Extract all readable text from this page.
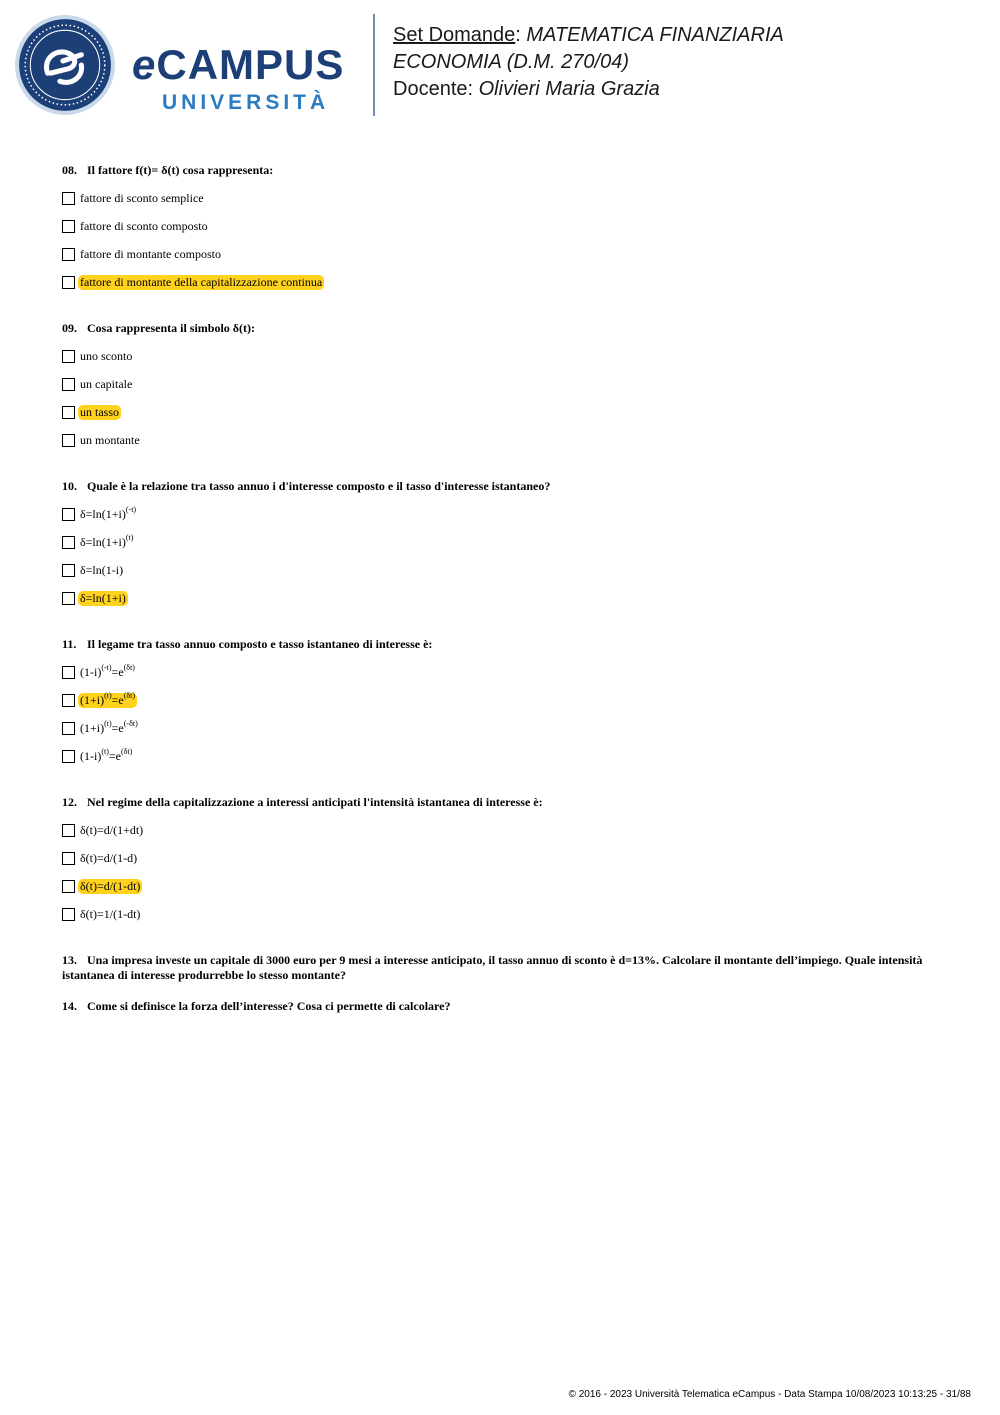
eCAMPUS
UNIVERSITÀ
Set Domande: MATEMATICA FINANZIARIA
ECONOMIA (D.M. 270/04)
Docente: Olivieri Maria Grazia
08. Il fattore f(t)= δ(t) cosa rappresenta:
fattore di sconto semplice
fattore di sconto composto
fattore di montante composto
fattore di montante della capitalizzazione continua
09. Cosa rappresenta il simbolo δ(t):
uno sconto
un capitale
un tasso
un montante
10. Quale è la relazione tra tasso annuo i d'interesse composto e il tasso d'interesse istantaneo?
$\delta=\ln(1+i)^{(-t)}$
$\delta=\ln(1+i)^{(t)}$
δ=ln(1-i)
δ=ln(1+i)
11. Il legame tra tasso annuo composto e tasso istantaneo di interesse è:
$(1-i)^{(-t)}=e^{(\delta t)}$
$(1+i)^{(t)}=e^{(\delta t)}$
$(1+i)^{(t)}=e^{(-\delta t)}$
$(1-i)^{(t)}=e^{(\delta t)}$
12. Nel regime della capitalizzazione a interessi anticipati l'intensità istantanea di interesse è:
δ(t)=d/(1+dt)
δ(t)=d/(1-d)
δ(t)=d/(1-dt)
δ(t)=1/(1-dt)
13. Una impresa investe un capitale di 3000 euro per 9 mesi a interesse anticipato, il tasso annuo di sconto è d=13%. Calcolare il montante dell’impiego. Quale intensità istantanea di interesse produrrebbe lo stesso montante?
14. Come si definisce la forza dell’interesse? Cosa ci permette di calcolare?
© 2016 - 2023 Università Telematica eCampus - Data Stampa 10/08/2023 10:13:25 - 31/88
